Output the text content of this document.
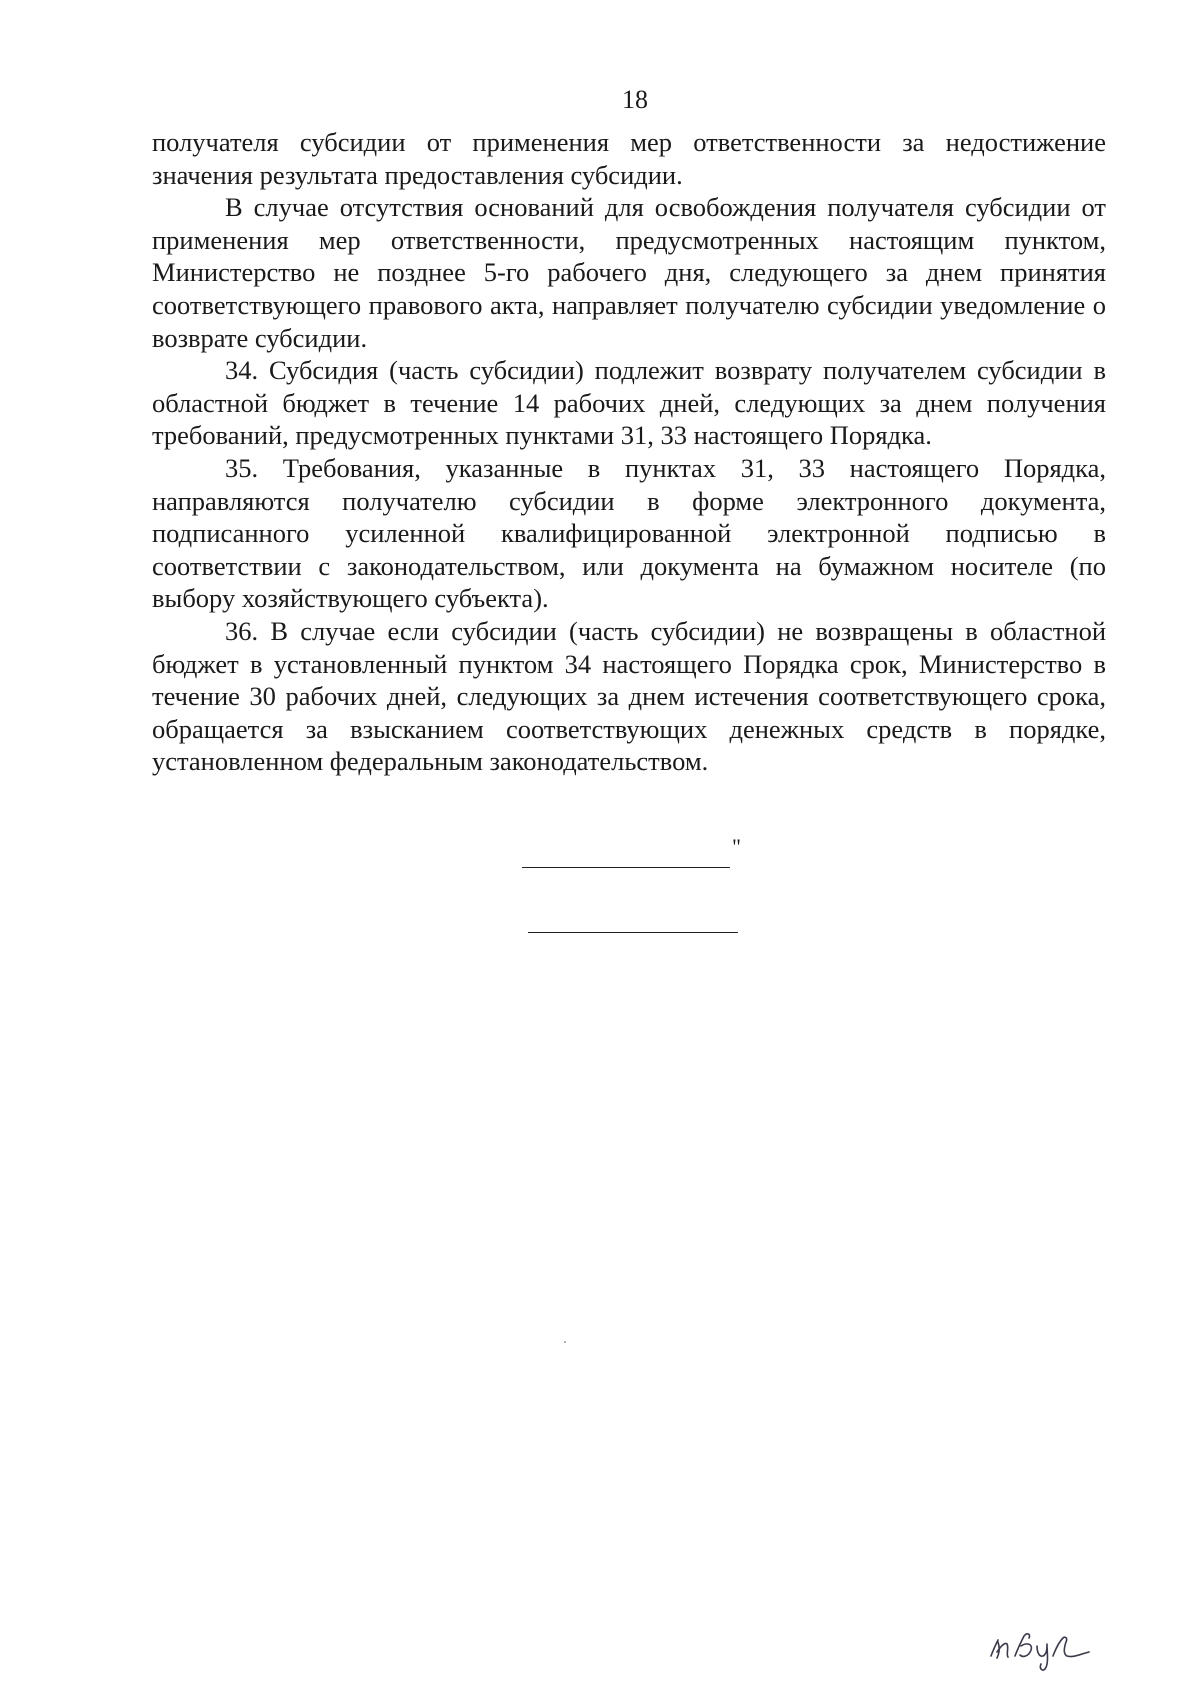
18

получателя субсидии от применения мер ответственности за недостижение значения результата предоставления субсидии.

В случае отсутствия оснований для освобождения получателя субсидии от применения мер ответственности, предусмотренных настоящим пунктом, Министерство не позднее 5-го рабочего дня, следующего за днем принятия соответствующего правового акта, направляет получателю субсидии уведомление о возврате субсидии.

34. Субсидия (часть субсидии) подлежит возврату получателем субсидии в областной бюджет в течение 14 рабочих дней, следующих за днем получения требований, предусмотренных пунктами 31, 33 настоящего Порядка.

35. Требования, указанные в пунктах 31, 33 настоящего Порядка, направляются получателю субсидии в форме электронного документа, подписанного усиленной квалифицированной электронной подписью в соответствии с законодательством, или документа на бумажном носителе (по выбору хозяйствующего субъекта).

36. В случае если субсидии (часть субсидии) не возвращены в областной бюджет в установленный пунктом 34 настоящего Порядка срок, Министерство в течение 30 рабочих дней, следующих за днем истечения соответствующего срока, обращается за взысканием соответствующих денежных средств в порядке, установленном федеральным законодательством.

"
